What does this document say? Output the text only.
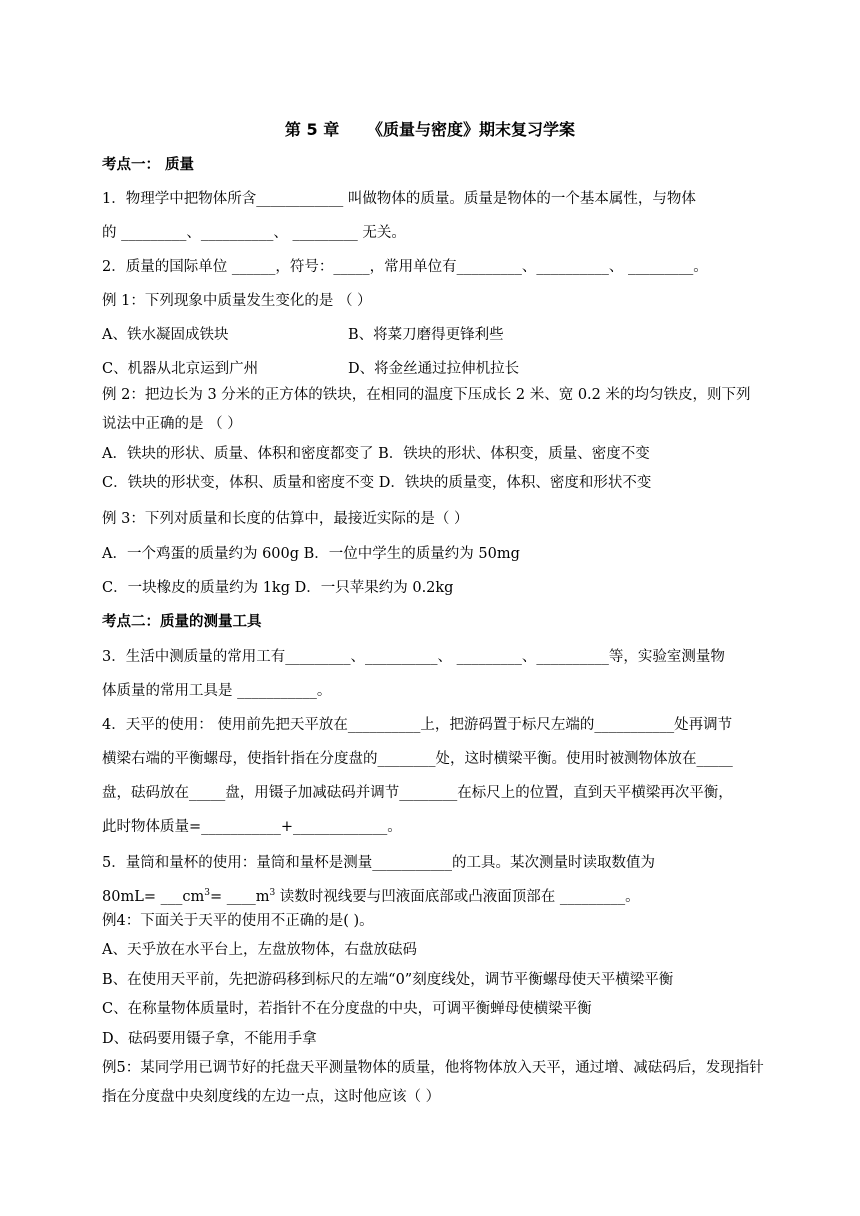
第 5 章     《质量与密度》期末复习学案
考点一： 质量
1．物理学中把物体所含____________ 叫做物体的质量。质量是物体的一个基本属性，与物体
的 _________、__________、 _________ 无关。
2．质量的国际单位 ______，符号：_____，常用单位有_________、__________、 _________。
例 1：下列现象中质量发生变化的是 （ ）
A、铁水凝固成铁块	B、将菜刀磨得更锋利些
C、机器从北京运到广州	D、将金丝通过拉伸机拉长
例 2：把边长为 3 分米的正方体的铁块，在相同的温度下压成长 2 米、宽 0.2 米的均匀铁皮，则下列
说法中正确的是 （ ）
A．铁块的形状、质量、体积和密度都变了 B．铁块的形状、体积变，质量、密度不变
C．铁块的形状变，体积、质量和密度不变 D．铁块的质量变，体积、密度和形状不变
例 3：下列对质量和长度的估算中，最接近实际的是（ ）
A．一个鸡蛋的质量约为 600g B．一位中学生的质量约为 50mg
C．一块橡皮的质量约为 1kg D．一只苹果约为 0.2kg
考点二：质量的测量工具
3．生活中测质量的常用工有_________、__________、 _________、__________等，实验室测量物
体质量的常用工具是 ___________。
4．天平的使用： 使用前先把天平放在__________上，把游码置于标尺左端的___________处再调节
横梁右端的平衡螺母，使指针指在分度盘的________处，这时横梁平衡。使用时被测物体放在_____
盘，砝码放在_____盘，用镊子加减砝码并调节________在标尺上的位置，直到天平横梁再次平衡，
此时物体质量=___________+_____________。
5．量筒和量杯的使用：量筒和量杯是测量___________的工具。某次测量时读取数值为
$80mL= \_\_\_cm^3=$ $\_\_\_\_m^3$ 读数时视线要与凹液面底部或凸液面顶部在 _________。
例4：下面关于天平的使用不正确的是( )。
A、天乎放在水平台上，左盘放物体，右盘放砝码
B、在使用天平前，先把游码移到标尺的左端“0”刻度线处，调节平衡螺母使天平横梁平衡
C、在称量物体质量时，若指针不在分度盘的中央，可调平衡蝉母使横梁平衡
D、砝码要用镊子拿，不能用手拿
例5：某同学用已调节好的托盘天平测量物体的质量，他将物体放入天平，通过增、减砝码后，发现指针
指在分度盘中央刻度线的左边一点，这时他应该（ ）
